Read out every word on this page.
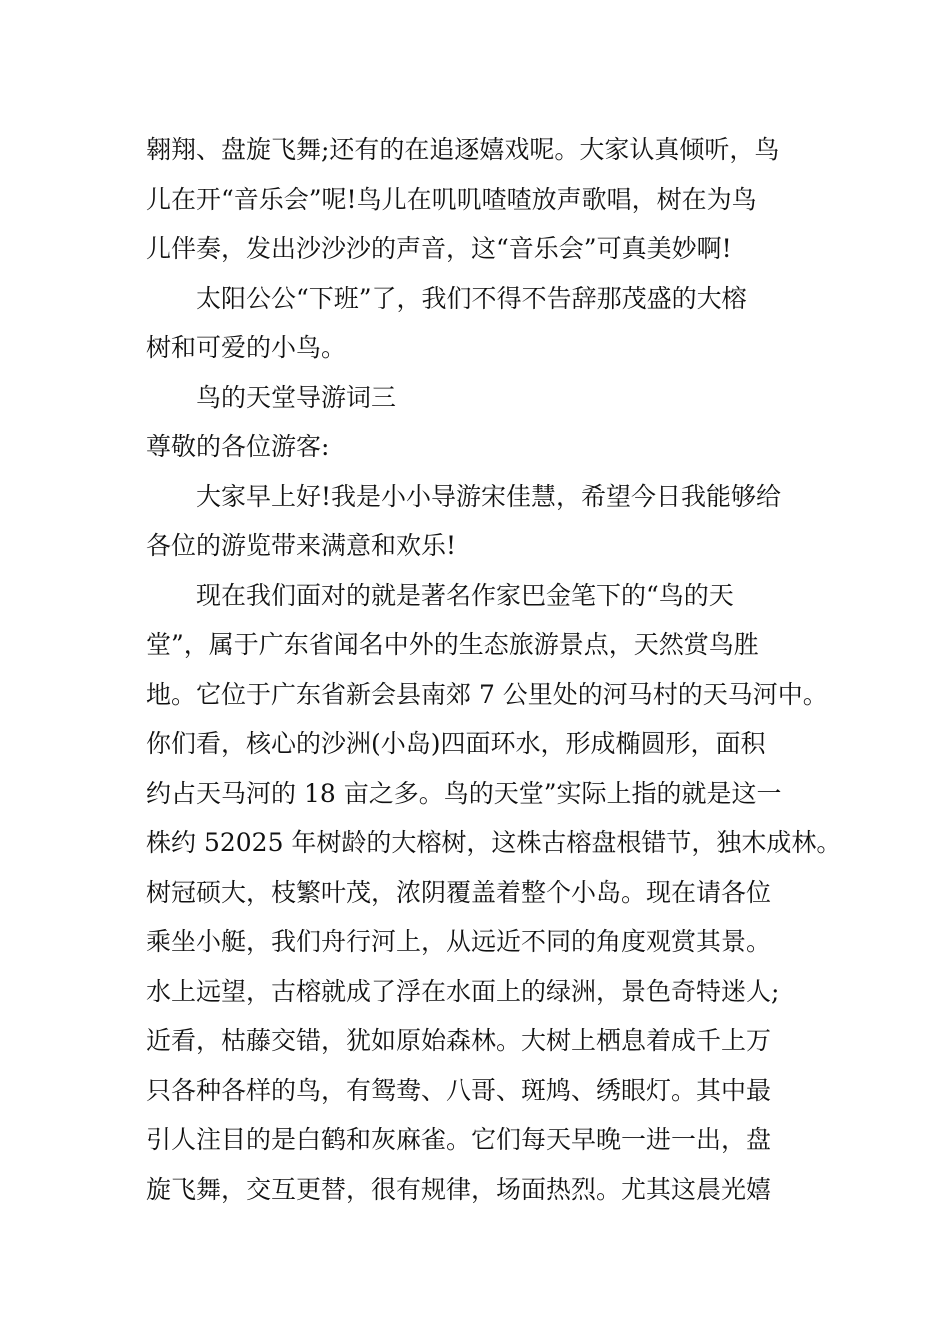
翱翔、盘旋飞舞;还有的在追逐嬉戏呢。大家认真倾听，鸟
儿在开“音乐会”呢!鸟儿在叽叽喳喳放声歌唱，树在为鸟
儿伴奏，发出沙沙沙的声音，这“音乐会”可真美妙啊!
太阳公公“下班”了，我们不得不告辞那茂盛的大榕
树和可爱的小鸟。
鸟的天堂导游词三
尊敬的各位游客:
大家早上好!我是小小导游宋佳慧，希望今日我能够给
各位的游览带来满意和欢乐!
现在我们面对的就是著名作家巴金笔下的“鸟的天
堂”，属于广东省闻名中外的生态旅游景点，天然赏鸟胜
地。它位于广东省新会县南郊 7 公里处的河马村的天马河中。
你们看，核心的沙洲(小岛)四面环水，形成椭圆形，面积
约占天马河的 18 亩之多。鸟的天堂”实际上指的就是这一
株约 52025 年树龄的大榕树，这株古榕盘根错节，独木成林。
树冠硕大，枝繁叶茂，浓阴覆盖着整个小岛。现在请各位
乘坐小艇，我们舟行河上，从远近不同的角度观赏其景。
水上远望，古榕就成了浮在水面上的绿洲，景色奇特迷人;
近看，枯藤交错，犹如原始森林。大树上栖息着成千上万
只各种各样的鸟，有鸳鸯、八哥、斑鸠、绣眼灯。其中最
引人注目的是白鹤和灰麻雀。它们每天早晚一进一出，盘
旋飞舞，交互更替，很有规律，场面热烈。尤其这晨光嬉
